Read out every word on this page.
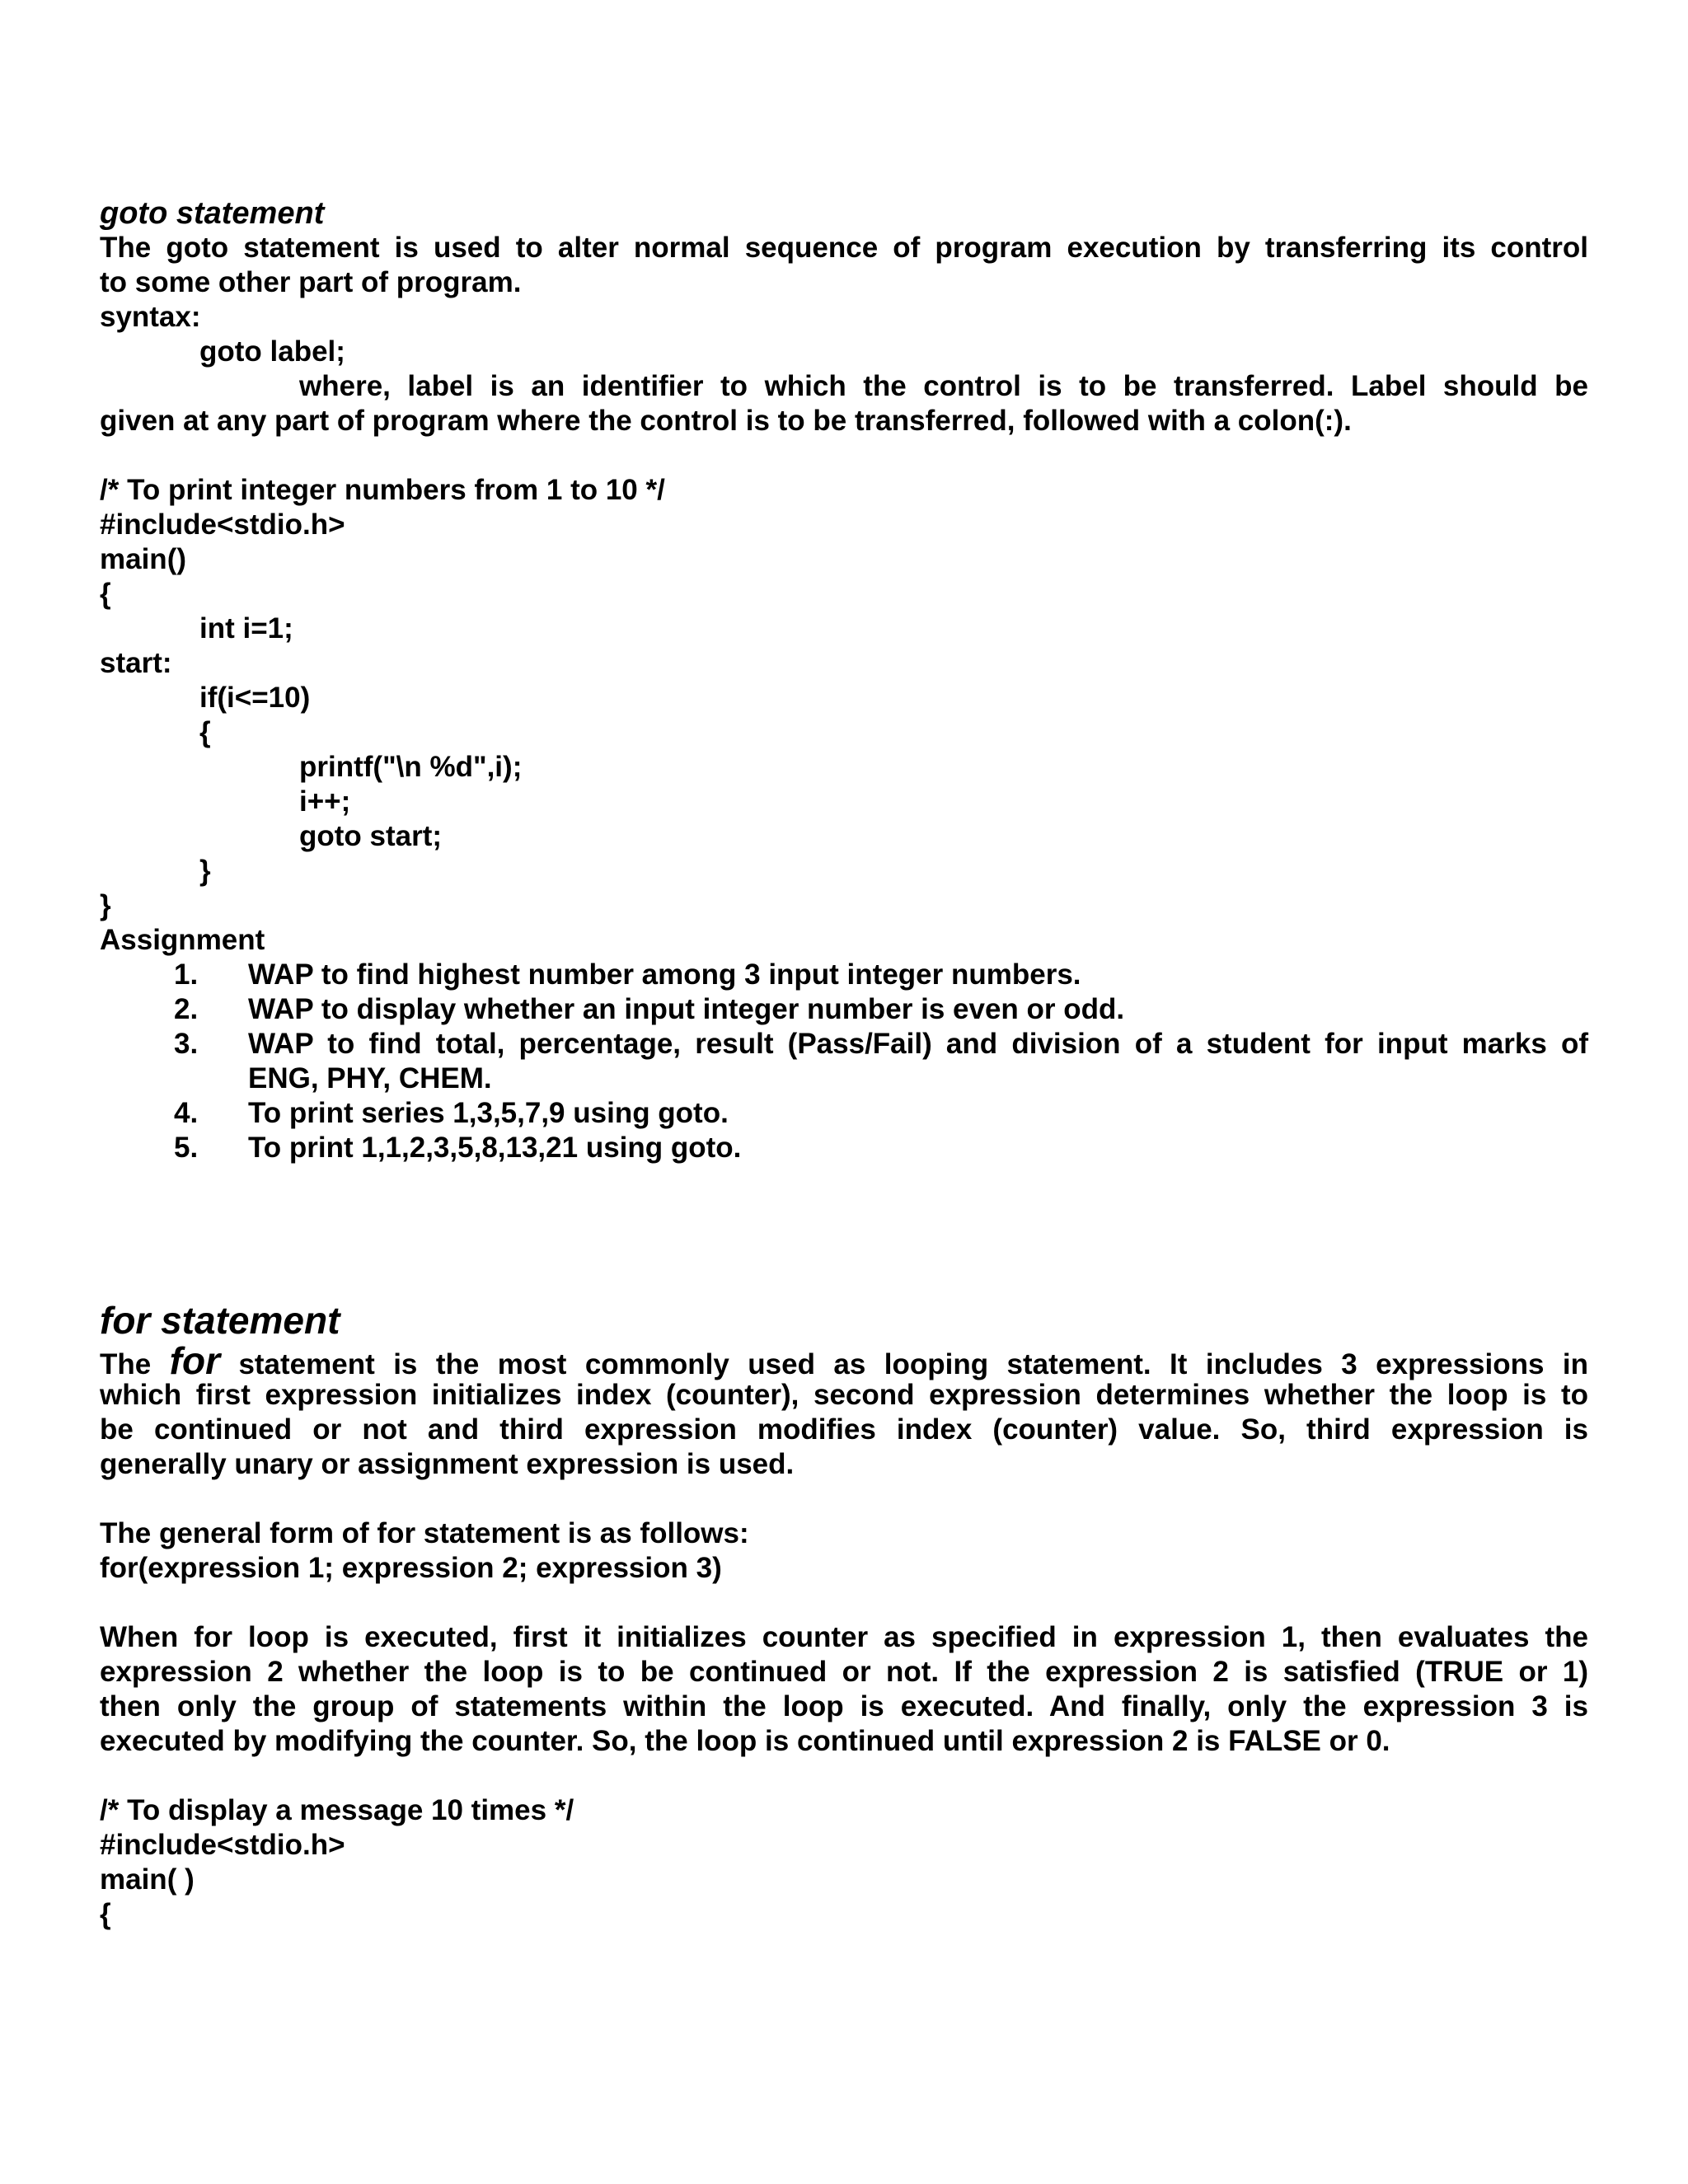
goto statement
The goto statement is used to alter normal sequence of program execution by transferring its control
to some other part of program.
syntax:
goto label;
where, label is an identifier to which the control is to be transferred. Label should be
given at any part of program where the control is to be transferred, followed with a colon(:).
/* To print integer numbers from 1 to 10 */
#include<stdio.h>
main()
{
int i=1;
start:
if(i<=10)
{
printf("\n %d",i);
i++;
goto start;
}
}
Assignment
1.	WAP to find highest number among 3 input integer numbers.
2.	WAP to display whether an input integer number is even or odd.
3.	WAP to find total, percentage, result (Pass/Fail) and division of a student for input marks of
ENG, PHY, CHEM.
4.	To print series 1,3,5,7,9 using goto.
5.	To print 1,1,2,3,5,8,13,21 using goto.
for statement
The for statement is the most commonly used as looping statement. It includes 3 expressions in
which first expression initializes index (counter), second expression determines whether the loop is to
be continued or not and third expression modifies index (counter) value. So, third expression is
generally unary or assignment expression is used.
The general form of for statement is as follows:
for(expression 1; expression 2; expression 3)
When for loop is executed, first it initializes counter as specified in expression 1, then evaluates the
expression 2 whether the loop is to be continued or not. If the expression 2 is satisfied (TRUE or 1)
then only the group of statements within the loop is executed. And finally, only the expression 3 is
executed by modifying the counter. So, the loop is continued until expression 2 is FALSE or 0.
/* To display a message 10 times */
#include<stdio.h>
main( )
{
